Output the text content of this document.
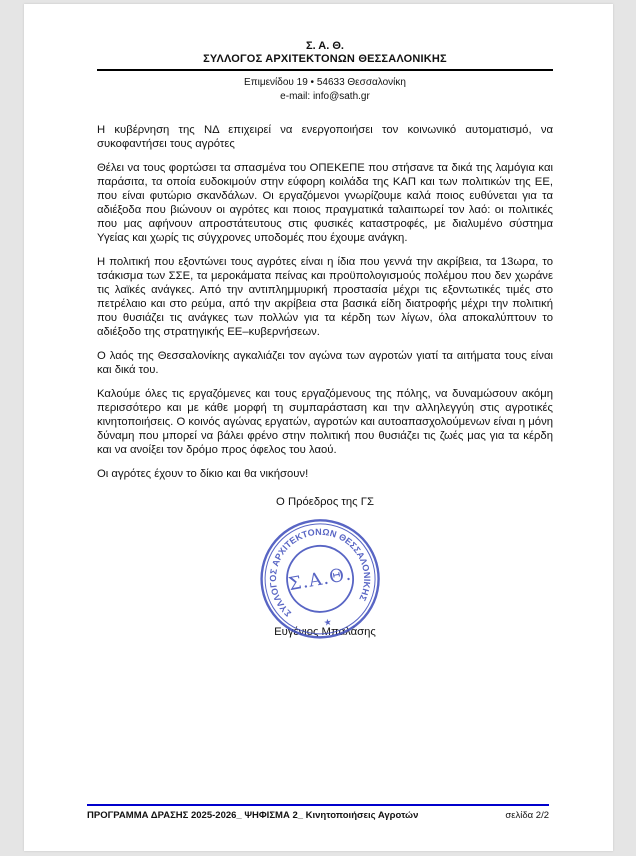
Σ. Α. Θ.
ΣΥΛΛΟΓΟΣ ΑΡΧΙΤΕΚΤΟΝΩΝ ΘΕΣΣΑΛΟΝΙΚΗΣ
Επιμενίδου 19 • 54633 Θεσσαλονίκη
e-mail: info@sath.gr

Η κυβέρνηση της ΝΔ επιχειρεί να ενεργοποιήσει τον κοινωνικό αυτοματισμό, να συκοφαντήσει τους αγρότες

Θέλει να τους φορτώσει τα σπασμένα του ΟΠΕΚΕΠΕ που στήσανε τα δικά της λαμόγια και παράσιτα, τα οποία ευδοκιμούν στην εύφορη κοιλάδα της ΚΑΠ και των πολιτικών της ΕΕ, που είναι φυτώριο σκανδάλων. Οι εργαζόμενοι γνωρίζουμε καλά ποιος ευθύνεται για τα αδιέξοδα που βιώνουν οι αγρότες και ποιος πραγματικά ταλαιπωρεί τον λαό: οι πολιτικές που μας αφήνουν απροστάτευτους στις φυσικές καταστροφές, με διαλυμένο σύστημα Υγείας και χωρίς τις σύγχρονες υποδομές που έχουμε ανάγκη.

Η πολιτική που εξοντώνει τους αγρότες είναι η ίδια που γεννά την ακρίβεια, τα 13ωρα, το τσάκισμα των ΣΣΕ, τα μεροκάματα πείνας και προϋπολογισμούς πολέμου που δεν χωράνε τις λαϊκές ανάγκες. Από την αντιπλημμυρική προστασία μέχρι τις εξοντωτικές τιμές στο πετρέλαιο και στο ρεύμα, από την ακρίβεια στα βασικά είδη διατροφής μέχρι την πολιτική που θυσιάζει τις ανάγκες των πολλών για τα κέρδη των λίγων, όλα αποκαλύπτουν το αδιέξοδο της στρατηγικής ΕΕ–κυβερνήσεων.

Ο λαός της Θεσσαλονίκης αγκαλιάζει τον αγώνα των αγροτών γιατί τα αιτήματα τους είναι και δικά του.

Καλούμε όλες τις εργαζόμενες και τους εργαζόμενους της πόλης, να δυναμώσουν ακόμη περισσότερο και με κάθε μορφή τη συμπαράσταση και την αλληλεγγύη στις αγροτικές κινητοποιήσεις. Ο κοινός αγώνας εργατών, αγροτών και αυτοαπασχολούμενων είναι η μόνη δύναμη που μπορεί να βάλει φρένο στην πολιτική που θυσιάζει τις ζωές μας για τα κέρδη και να ανοίξει τον δρόμο προς όφελος του λαού.

Οι αγρότες έχουν το δίκιο και θα νικήσουν!

Ο Πρόεδρος της ΓΣ
ΣΥΛΛΟΓΟΣ ΑΡΧΙΤΕΚΤΟΝΩΝ ΘΕΣΣΑΛΟΝΙΚΗΣ
Σ.Α.Θ.
★
Ευγένιος Μπαλάσης
ΠΡΟΓΡΑΜΜΑ ΔΡΑΣΗΣ 2025-2026_ ΨΗΦΙΣΜΑ 2_ Κινητοποιήσεις Αγροτών	σελίδα 2/2
